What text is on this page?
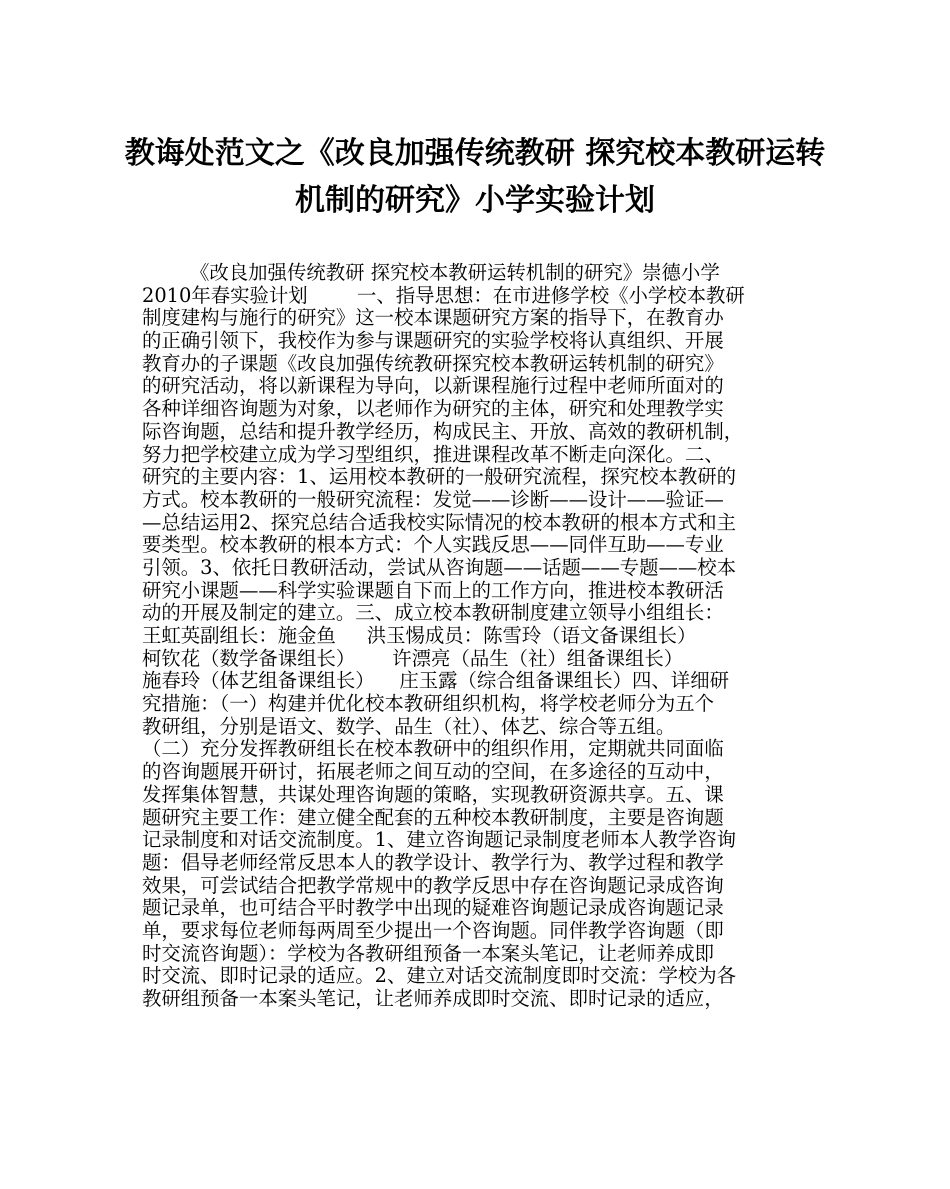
教诲处范文之《改良加强传统教研 探究校本教研运转
机制的研究》小学实验计划
《改良加强传统教研 探究校本教研运转机制的研究》崇德小学
2010年春实验计划        一、指导思想：在市进修学校《小学校本教研
制度建构与施行的研究》这一校本课题研究方案的指导下，在教育办
的正确引领下，我校作为参与课题研究的实验学校将认真组织、开展
教育办的子课题《改良加强传统教研探究校本教研运转机制的研究》
的研究活动，将以新课程为导向，以新课程施行过程中老师所面对的
各种详细咨询题为对象，以老师作为研究的主体，研究和处理教学实
际咨询题，总结和提升教学经历，构成民主、开放、高效的教研机制，
努力把学校建立成为学习型组织，推进课程改革不断走向深化。二、
研究的主要内容：1、运用校本教研的一般研究流程，探究校本教研的
方式。校本教研的一般研究流程：发觉——诊断——设计——验证—
—总结运用2、探究总结合适我校实际情况的校本教研的根本方式和主
要类型。校本教研的根本方式：个人实践反思——同伴互助——专业
引领。3、依托日教研活动，尝试从咨询题——话题——专题——校本
研究小课题——科学实验课题自下而上的工作方向，推进校本教研活
动的开展及制定的建立。三、成立校本教研制度建立领导小组组长：
王虹英副组长：施金鱼     洪玉惕成员：陈雪玲（语文备课组长）
柯钦花（数学备课组长）      许漂亮（品生（社）组备课组长）
施春玲（体艺组备课组长）    庄玉露（综合组备课组长）四、详细研
究措施：（一）构建并优化校本教研组织机构，将学校老师分为五个
教研组，分别是语文、数学、品生（社）、体艺、综合等五组。
（二）充分发挥教研组长在校本教研中的组织作用，定期就共同面临
的咨询题展开研讨，拓展老师之间互动的空间，在多途径的互动中，
发挥集体智慧，共谋处理咨询题的策略，实现教研资源共享。五、课
题研究主要工作：建立健全配套的五种校本教研制度，主要是咨询题
记录制度和对话交流制度。1、建立咨询题记录制度老师本人教学咨询
题：倡导老师经常反思本人的教学设计、教学行为、教学过程和教学
效果，可尝试结合把教学常规中的教学反思中存在咨询题记录成咨询
题记录单，也可结合平时教学中出现的疑难咨询题记录成咨询题记录
单，要求每位老师每两周至少提出一个咨询题。同伴教学咨询题（即
时交流咨询题）：学校为各教研组预备一本案头笔记，让老师养成即
时交流、即时记录的适应。2、建立对话交流制度即时交流：学校为各
教研组预备一本案头笔记，让老师养成即时交流、即时记录的适应，
